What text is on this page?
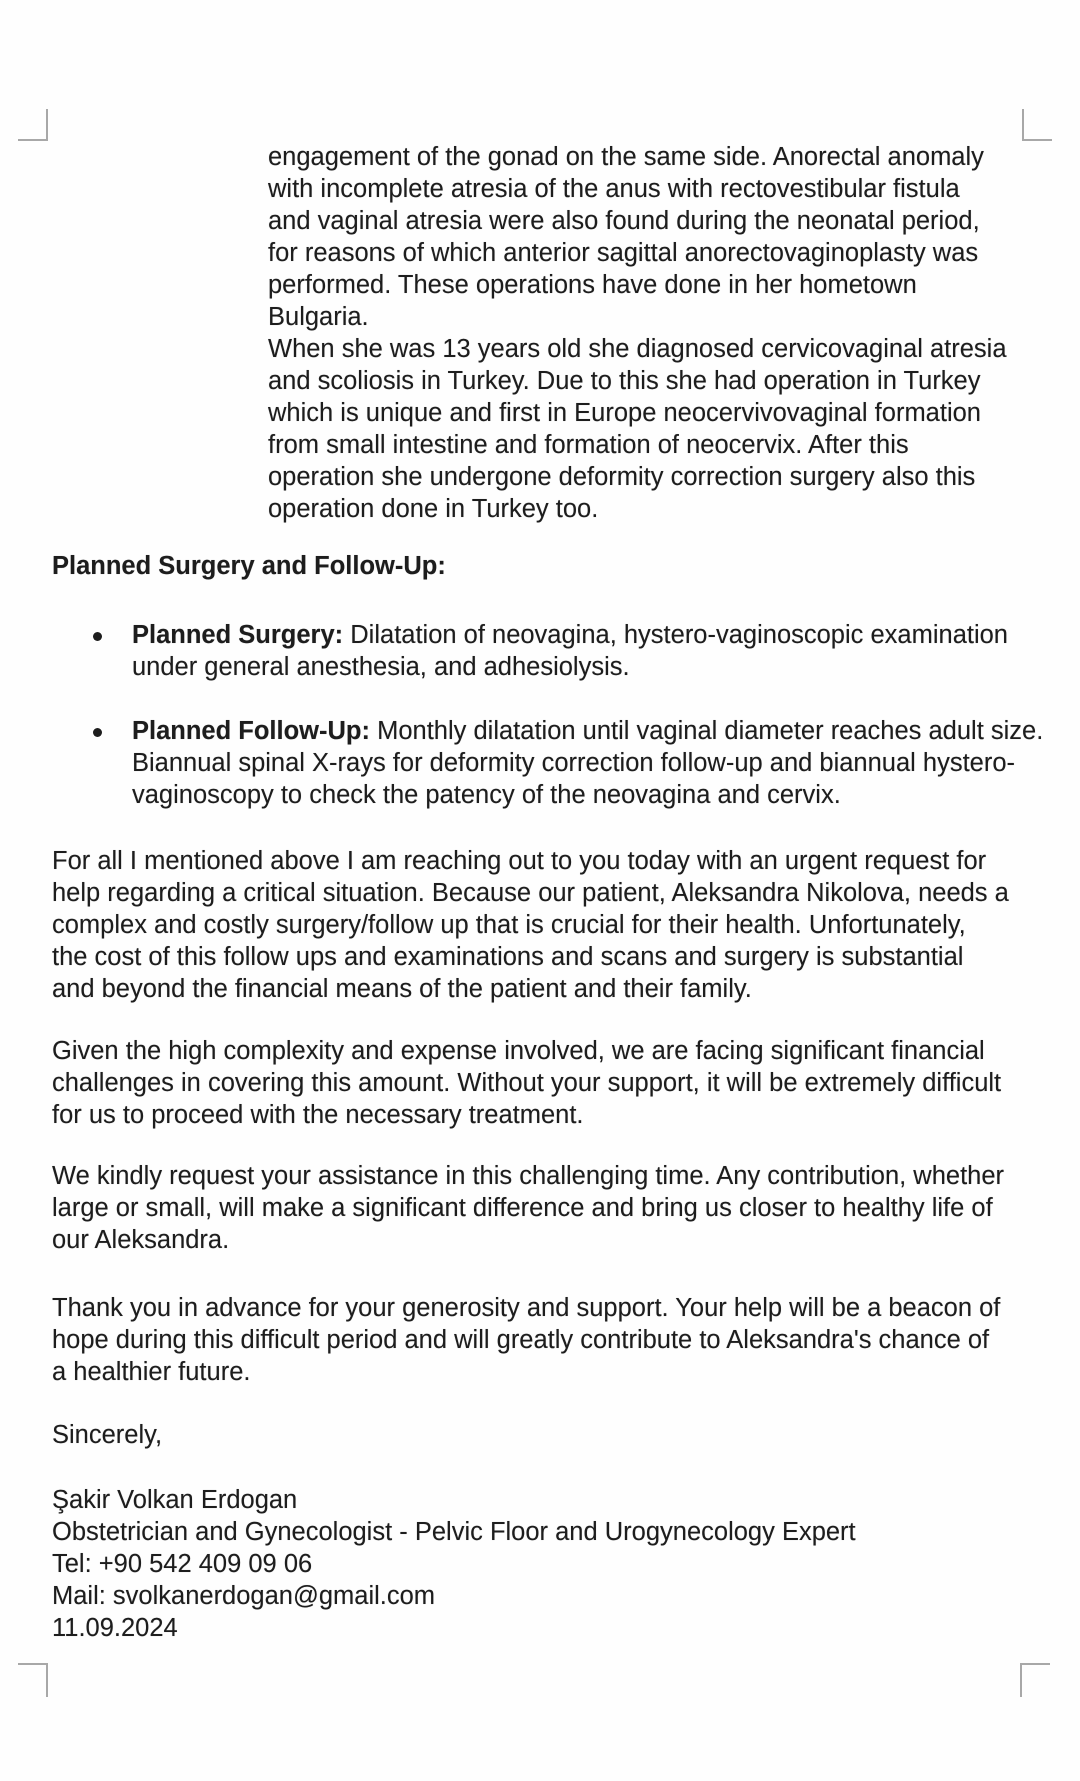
engagement of the gonad on the same side. Anorectal anomaly
with incomplete atresia of the anus with rectovestibular fistula
and vaginal atresia were also found during the neonatal period,
for reasons of which anterior sagittal anorectovaginoplasty was
performed. These operations have done in her hometown
Bulgaria.
When she was 13 years old she diagnosed cervicovaginal atresia
and scoliosis in Turkey. Due to this she had operation in Turkey
which is unique and first in Europe neocervivovaginal formation
from small intestine and formation of neocervix. After this
operation she undergone deformity correction surgery also this
operation done in Turkey too.
Planned Surgery and Follow-Up:
Planned Surgery: Dilatation of neovagina, hystero-vaginoscopic examination
under general anesthesia, and adhesiolysis.
Planned Follow-Up: Monthly dilatation until vaginal diameter reaches adult size.
Biannual spinal X-rays for deformity correction follow-up and biannual hystero-
vaginoscopy to check the patency of the neovagina and cervix.
For all I mentioned above I am reaching out to you today with an urgent request for
help regarding a critical situation. Because our patient, Aleksandra Nikolova, needs a
complex and costly surgery/follow up that is crucial for their health. Unfortunately,
the cost of this follow ups and examinations and scans and surgery is substantial
and beyond the financial means of the patient and their family.
Given the high complexity and expense involved, we are facing significant financial
challenges in covering this amount. Without your support, it will be extremely difficult
for us to proceed with the necessary treatment.
We kindly request your assistance in this challenging time. Any contribution, whether
large or small, will make a significant difference and bring us closer to healthy life of
our Aleksandra.
Thank you in advance for your generosity and support. Your help will be a beacon of
hope during this difficult period and will greatly contribute to Aleksandra's chance of
a healthier future.
Sincerely,
Şakir Volkan Erdogan
Obstetrician and Gynecologist - Pelvic Floor and Urogynecology Expert
Tel: +90 542 409 09 06
Mail: svolkanerdogan@gmail.com
11.09.2024
